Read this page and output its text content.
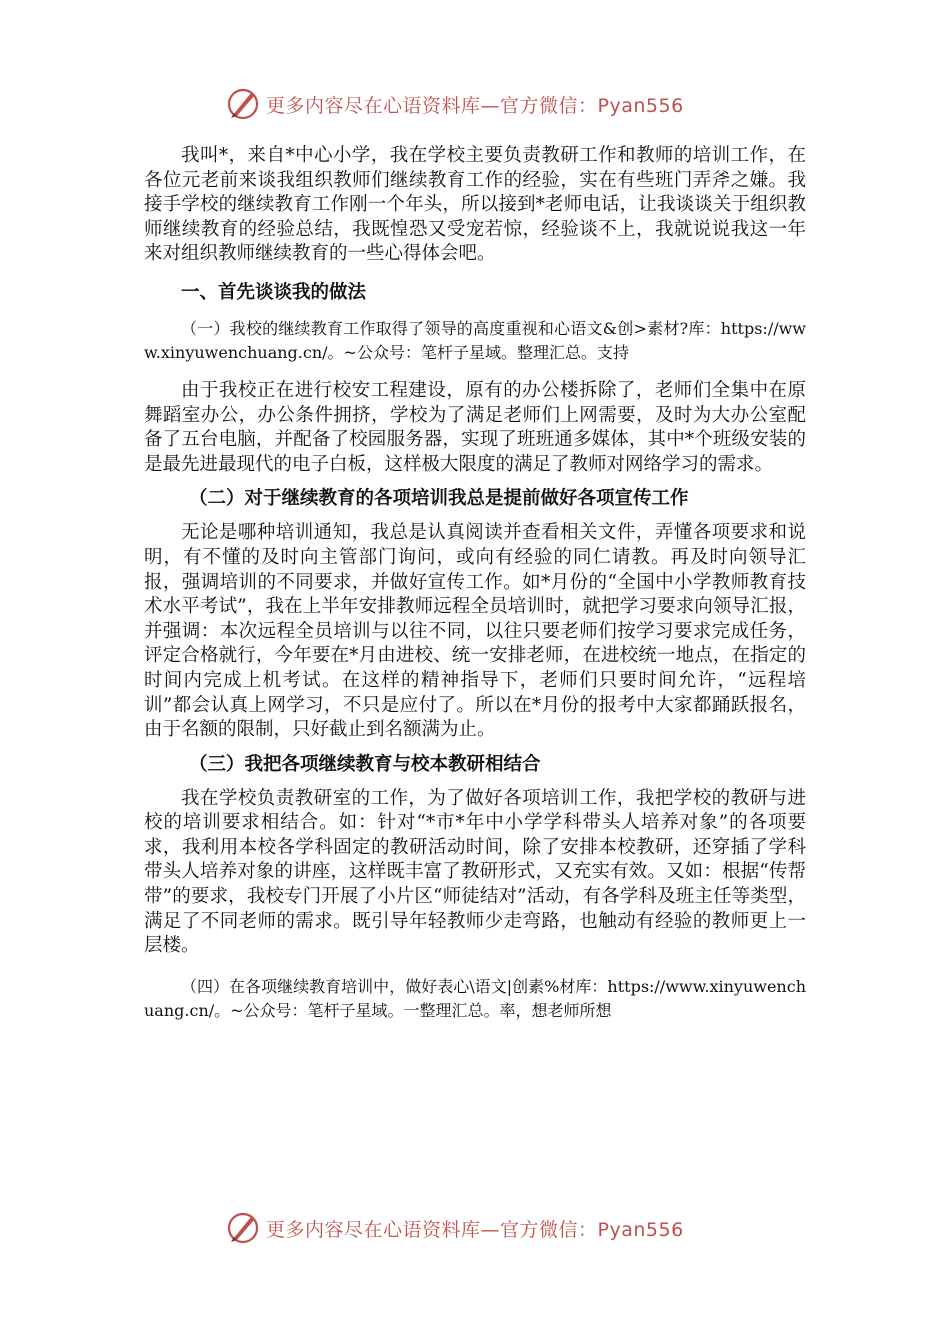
更多内容尽在心语资料库—官方微信：Pyan556

我叫*，来自*中心小学，我在学校主要负责教研工作和教师的培训工作，在各位元老前来谈我组织教师们继续教育工作的经验，实在有些班门弄斧之嫌。我接手学校的继续教育工作刚一个年头，所以接到*老师电话，让我谈谈关于组织教师继续教育的经验总结，我既惶恐又受宠若惊，经验谈不上，我就说说我这一年来对组织教师继续教育的一些心得体会吧。

一、首先谈谈我的做法

（一）我校的继续教育工作取得了领导的高度重视和心语文&创>素材?库：https://www.xinyuwenchuang.cn/。~公众号：笔杆子星域。整理汇总。支持

由于我校正在进行校安工程建设，原有的办公楼拆除了，老师们全集中在原舞蹈室办公，办公条件拥挤，学校为了满足老师们上网需要，及时为大办公室配备了五台电脑，并配备了校园服务器，实现了班班通多媒体，其中*个班级安装的是最先进最现代的电子白板，这样极大限度的满足了教师对网络学习的需求。

（二）对于继续教育的各项培训我总是提前做好各项宣传工作

无论是哪种培训通知，我总是认真阅读并查看相关文件，弄懂各项要求和说明，有不懂的及时向主管部门询问，或向有经验的同仁请教。再及时向领导汇报，强调培训的不同要求，并做好宣传工作。如*月份的“全国中小学教师教育技术水平考试”，我在上半年安排教师远程全员培训时，就把学习要求向领导汇报，并强调：本次远程全员培训与以往不同，以往只要老师们按学习要求完成任务，评定合格就行，今年要在*月由进校、统一安排老师，在进校统一地点，在指定的时间内完成上机考试。在这样的精神指导下，老师们只要时间允许，“远程培训”都会认真上网学习，不只是应付了。所以在*月份的报考中大家都踊跃报名，由于名额的限制，只好截止到名额满为止。

（三）我把各项继续教育与校本教研相结合

我在学校负责教研室的工作，为了做好各项培训工作，我把学校的教研与进校的培训要求相结合。如：针对“*市*年中小学学科带头人培养对象”的各项要求，我利用本校各学科固定的教研活动时间，除了安排本校教研，还穿插了学科带头人培养对象的讲座，这样既丰富了教研形式，又充实有效。又如：根据“传帮带”的要求，我校专门开展了小片区“师徒结对”活动，有各学科及班主任等类型，满足了不同老师的需求。既引导年轻教师少走弯路，也触动有经验的教师更上一层楼。

（四）在各项继续教育培训中，做好表心\语文|创素%材库：https://www.xinyuwenchuang.cn/。~公众号：笔杆子星域。一整理汇总。率，想老师所想

更多内容尽在心语资料库—官方微信：Pyan556
